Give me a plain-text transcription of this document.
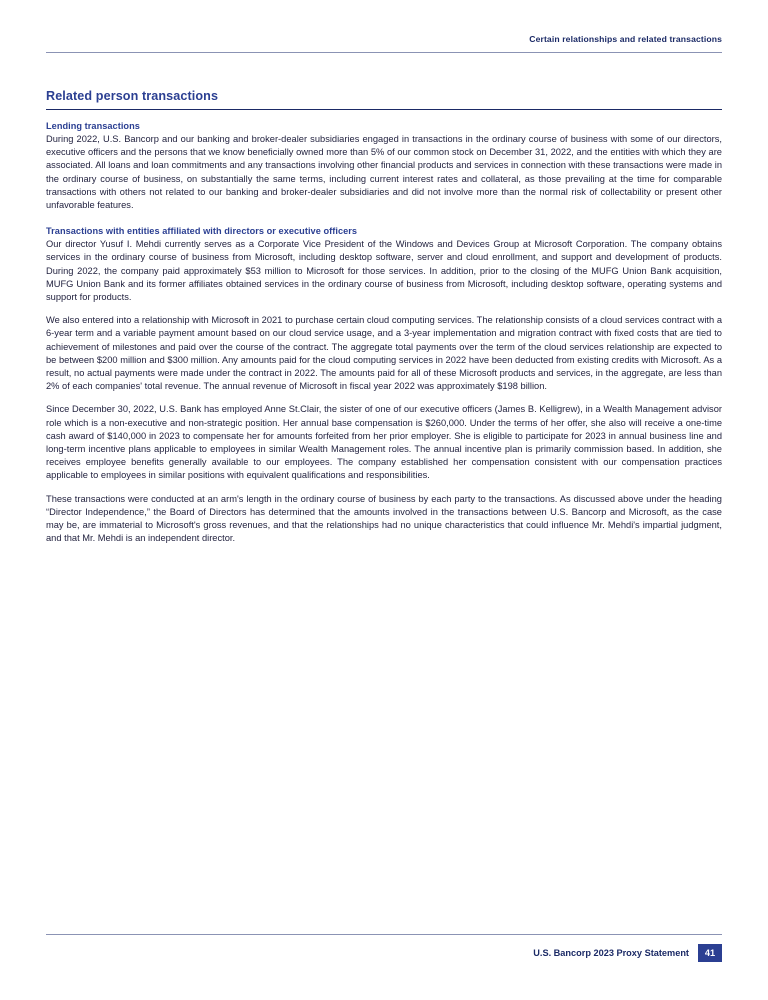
Certain relationships and related transactions
Related person transactions
Lending transactions

During 2022, U.S. Bancorp and our banking and broker-dealer subsidiaries engaged in transactions in the ordinary course of business with some of our directors, executive officers and the persons that we know beneficially owned more than 5% of our common stock on December 31, 2022, and the entities with which they are associated. All loans and loan commitments and any transactions involving other financial products and services in connection with these transactions were made in the ordinary course of business, on substantially the same terms, including current interest rates and collateral, as those prevailing at the time for comparable transactions with others not related to our banking and broker-dealer subsidiaries and did not involve more than the normal risk of collectability or present other unfavorable features.

Transactions with entities affiliated with directors or executive officers

Our director Yusuf I. Mehdi currently serves as a Corporate Vice President of the Windows and Devices Group at Microsoft Corporation. The company obtains services in the ordinary course of business from Microsoft, including desktop software, server and cloud enrollment, and support and development of products. During 2022, the company paid approximately $53 million to Microsoft for those services. In addition, prior to the closing of the MUFG Union Bank acquisition, MUFG Union Bank and its former affiliates obtained services in the ordinary course of business from Microsoft, including desktop software, operating systems and support for products.

We also entered into a relationship with Microsoft in 2021 to purchase certain cloud computing services. The relationship consists of a cloud services contract with a 6-year term and a variable payment amount based on our cloud service usage, and a 3-year implementation and migration contract with fixed costs that are tied to achievement of milestones and paid over the course of the contract. The aggregate total payments over the term of the cloud services relationship are expected to be between $200 million and $300 million. Any amounts paid for the cloud computing services in 2022 have been deducted from existing credits with Microsoft. As a result, no actual payments were made under the contract in 2022. The amounts paid for all of these Microsoft products and services, in the aggregate, are less than 2% of each companies' total revenue. The annual revenue of Microsoft in fiscal year 2022 was approximately $198 billion.

Since December 30, 2022, U.S. Bank has employed Anne St.Clair, the sister of one of our executive officers (James B. Kelligrew), in a Wealth Management advisor role which is a non-executive and non-strategic position. Her annual base compensation is $260,000. Under the terms of her offer, she also will receive a one-time cash award of $140,000 in 2023 to compensate her for amounts forfeited from her prior employer. She is eligible to participate for 2023 in annual business line and long-term incentive plans applicable to employees in similar Wealth Management roles. The annual incentive plan is primarily commission based. In addition, she receives employee benefits generally available to our employees. The company established her compensation consistent with our compensation practices applicable to employees in similar positions with equivalent qualifications and responsibilities.

These transactions were conducted at an arm's length in the ordinary course of business by each party to the transactions. As discussed above under the heading “Director Independence,” the Board of Directors has determined that the amounts involved in the transactions between U.S. Bancorp and Microsoft, as the case may be, are immaterial to Microsoft's gross revenues, and that the relationships had no unique characteristics that could influence Mr. Mehdi's impartial judgment, and that Mr. Mehdi is an independent director.

U.S. Bancorp 2023 Proxy Statement	41
